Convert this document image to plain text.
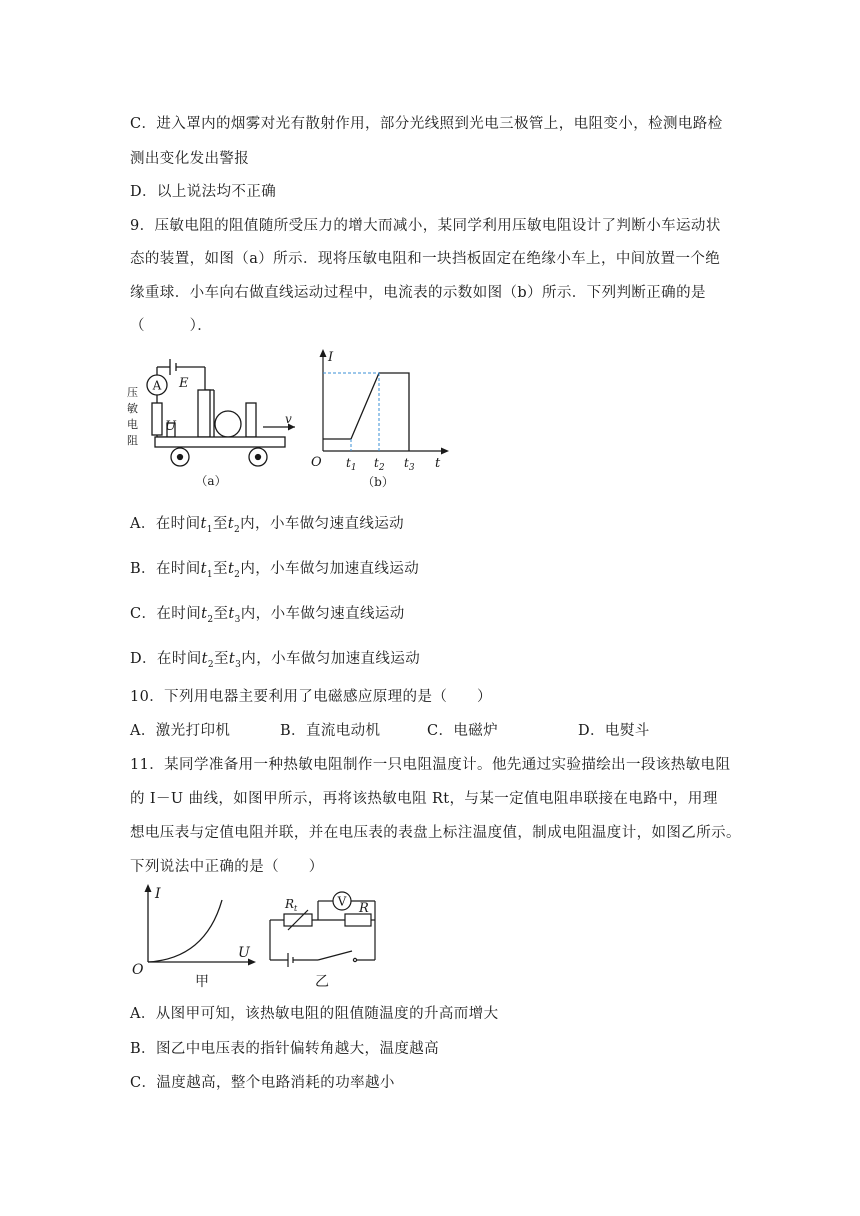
C．进入罩内的烟雾对光有散射作用，部分光线照到光电三极管上，电阻变小，检测电路检
测出变化发出警报
D．以上说法均不正确
9．压敏电阻的阻值随所受压力的增大而减小，某同学利用压敏电阻设计了判断小车运动状
态的装置，如图（a）所示．现将压敏电阻和一块挡板固定在绝缘小车上，中间放置一个绝
缘重球．小车向右做直线运动过程中，电流表的示数如图（b）所示．下列判断正确的是
（　　　）．
A E
压
敏
电
阻
U	v
（a）
I
t
O $t_1$ $t_2$ $t_3$
（b）
A．在时间$t_1$至$t_2$内，小车做匀速直线运动
B．在时间$t_1$至$t_2$内，小车做匀加速直线运动
C．在时间$t_2$至$t_3$内，小车做匀速直线运动
D．在时间$t_2$至$t_3$内，小车做匀加速直线运动
10．下列用电器主要利用了电磁感应原理的是（　　）
A．激光打印机	B．直流电动机	C．电磁炉	D．电熨斗
11．某同学准备用一种热敏电阻制作一只电阻温度计。他先通过实验描绘出一段该热敏电阻
的 I－U 曲线，如图甲所示，再将该热敏电阻 Rt，与某一定值电阻串联接在电路中，用理
想电压表与定值电阻并联，并在电压表的表盘上标注温度值，制成电阻温度计，如图乙所示。
下列说法中正确的是（　　）
I
U
O
甲
V
$R_t$	R
乙
A．从图甲可知，该热敏电阻的阻值随温度的升高而增大
B．图乙中电压表的指针偏转角越大，温度越高
C．温度越高，整个电路消耗的功率越小
